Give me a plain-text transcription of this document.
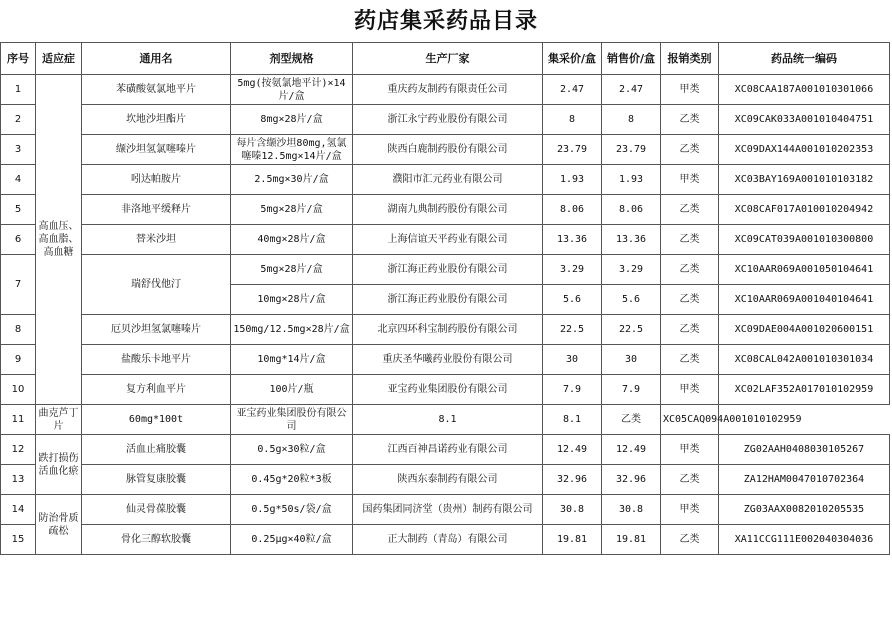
药店集采药品目录
序号	适应症	通用名	剂型规格	生产厂家	集采价/盒	销售价/盒	报销类别	药品统一编码
1	高血压、高血脂、高血糖	苯磺酸氨氯地平片	5mg(按氨氯地平计)×14片/盒	重庆药友制药有限责任公司	2.47	2.47	甲类	XC08CAA187A001010301066
2		坎地沙坦酯片	8mg×28片/盒	浙江永宁药业股份有限公司	8	8	乙类	XC09CAK033A001010404751
3		缬沙坦氢氯噻嗪片	每片含缬沙坦80mg,氢氯噻嗪12.5mg×14片/盒	陕西白鹿制药股份有限公司	23.79	23.79	乙类	XC09DAX144A001010202353
4		吲达帕胺片	2.5mg×30片/盒	濮阳市汇元药业有限公司	1.93	1.93	甲类	XC03BAY169A001010103182
5		非洛地平缓释片	5mg×28片/盒	湖南九典制药股份有限公司	8.06	8.06	乙类	XC08CAF017A010010204942
6		替米沙坦	40mg×28片/盒	上海信谊天平药业有限公司	13.36	13.36	乙类	XC09CAT039A001010300800
7		瑞舒伐他汀	5mg×28片/盒	浙江海正药业股份有限公司	3.29	3.29	乙类	XC10AAR069A001050104641
			10mg×28片/盒	浙江海正药业股份有限公司	5.6	5.6	乙类	XC10AAR069A001040104641
8		厄贝沙坦氢氯噻嗪片	150mg/12.5mg×28片/盒	北京四环科宝制药股份有限公司	22.5	22.5	乙类	XC09DAE004A001020600151
9		盐酸乐卡地平片	10mg*14片/盒	重庆圣华曦药业股份有限公司	30	30	乙类	XC08CAL042A001010301034
10		复方利血平片	100片/瓶	亚宝药业集团股份有限公司	7.9	7.9	甲类	XC02LAF352A017010102959
11	曲克芦丁片	60mg*100t	亚宝药业集团股份有限公司	8.1	8.1	乙类	XC05CAQ094A001010102959	
12	跌打损伤活血化瘀	活血止痛胶囊	0.5g×30粒/盒	江西百神昌诺药业有限公司	12.49	12.49	甲类	ZG02AAH0408030105267
13		脉管复康胶囊	0.45g*20粒*3板	陕西东泰制药有限公司	32.96	32.96	乙类	ZA12HAM0047010702364
14	防治骨质疏松	仙灵骨葆胶囊	0.5g*50s/袋/盒	国药集团同济堂（贵州）制药有限公司	30.8	30.8	甲类	ZG03AAX0082010205535
15		骨化三醇软胶囊	0.25μg×40粒/盒	正大制药（青岛）有限公司	19.81	19.81	乙类	XA11CCG111E002040304036
